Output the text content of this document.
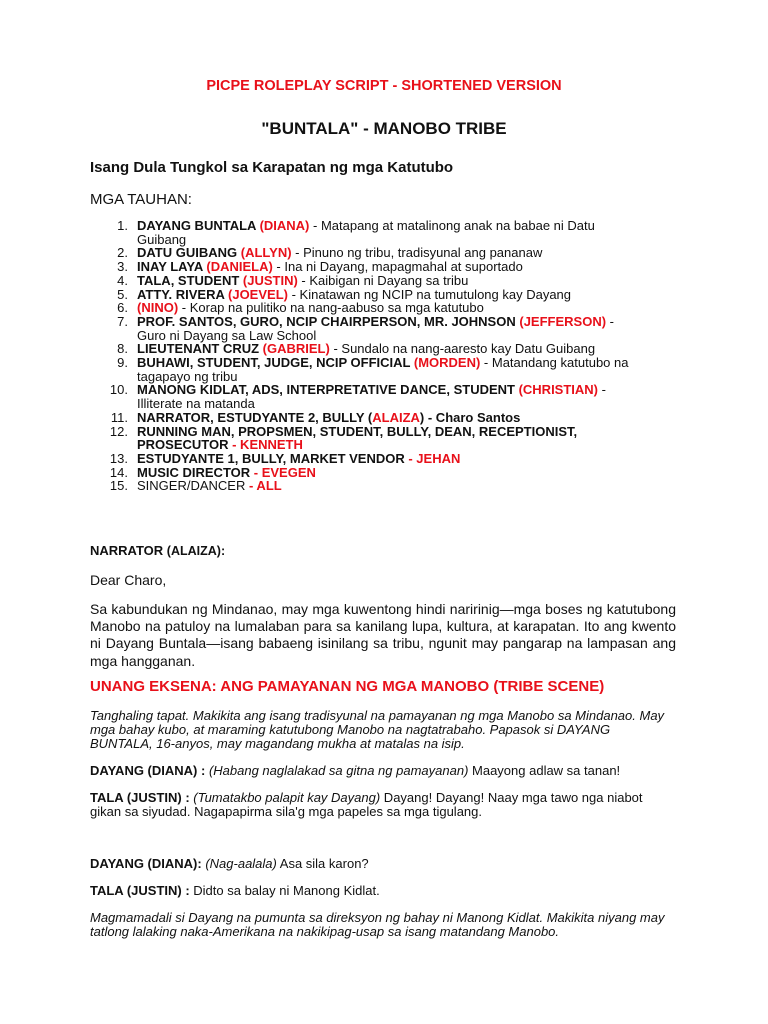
PICPE ROLEPLAY SCRIPT - SHORTENED VERSION
"BUNTALA" - MANOBO TRIBE
Isang Dula Tungkol sa Karapatan ng mga Katutubo
MGA TAUHAN:
1. DAYANG BUNTALA (DIANA) - Matapang at matalinong anak na babae ni Datu
Guibang
2. DATU GUIBANG (ALLYN) - Pinuno ng tribu, tradisyunal ang pananaw
3. INAY LAYA (DANIELA) - Ina ni Dayang, mapagmahal at suportado
4. TALA, STUDENT (JUSTIN) - Kaibigan ni Dayang sa tribu
5. ATTY. RIVERA (JOEVEL) - Kinatawan ng NCIP na tumutulong kay Dayang
6. (NINO) - Korap na pulitiko na nang-aabuso sa mga katutubo
7. PROF. SANTOS, GURO, NCIP CHAIRPERSON, MR. JOHNSON (JEFFERSON) -
Guro ni Dayang sa Law School
8. LIEUTENANT CRUZ (GABRIEL) - Sundalo na nang-aaresto kay Datu Guibang
9. BUHAWI, STUDENT, JUDGE, NCIP OFFICIAL (MORDEN) - Matandang katutubo na
tagapayo ng tribu
10. MANONG KIDLAT, ADS, INTERPRETATIVE DANCE, STUDENT (CHRISTIAN) -
Illiterate na matanda
11. NARRATOR, ESTUDYANTE 2, BULLY (ALAIZA) - Charo Santos
12. RUNNING MAN, PROPSMEN, STUDENT, BULLY, DEAN, RECEPTIONIST,
PROSECUTOR - KENNETH
13. ESTUDYANTE 1, BULLY, MARKET VENDOR - JEHAN
14. MUSIC DIRECTOR - EVEGEN
15. SINGER/DANCER - ALL
NARRATOR (ALAIZA):
Dear Charo,
Sa kabundukan ng Mindanao, may mga kuwentong hindi naririnig—mga boses ng katutubong Manobo na patuloy na lumalaban para sa kanilang lupa, kultura, at karapatan. Ito ang kwento ni Dayang Buntala—isang babaeng isinilang sa tribu, ngunit may pangarap na lampasan ang mga hangganan.
UNANG EKSENA: ANG PAMAYANAN NG MGA MANOBO (TRIBE SCENE)
Tanghaling tapat. Makikita ang isang tradisyunal na pamayanan ng mga Manobo sa Mindanao. May mga bahay kubo, at maraming katutubong Manobo na nagtatrabaho. Papasok si DAYANG BUNTALA, 16-anyos, may magandang mukha at matalas na isip.
DAYANG (DIANA) : (Habang naglalakad sa gitna ng pamayanan) Maayong adlaw sa tanan!
TALA (JUSTIN) : (Tumatakbo palapit kay Dayang) Dayang! Dayang! Naay mga tawo nga niabot gikan sa siyudad. Nagapapirma sila'g mga papeles sa mga tigulang.
DAYANG (DIANA): (Nag-aalala) Asa sila karon?
TALA (JUSTIN) : Didto sa balay ni Manong Kidlat.
Magmamadali si Dayang na pumunta sa direksyon ng bahay ni Manong Kidlat. Makikita niyang may tatlong lalaking naka-Amerikana na nakikipag-usap sa isang matandang Manobo.
